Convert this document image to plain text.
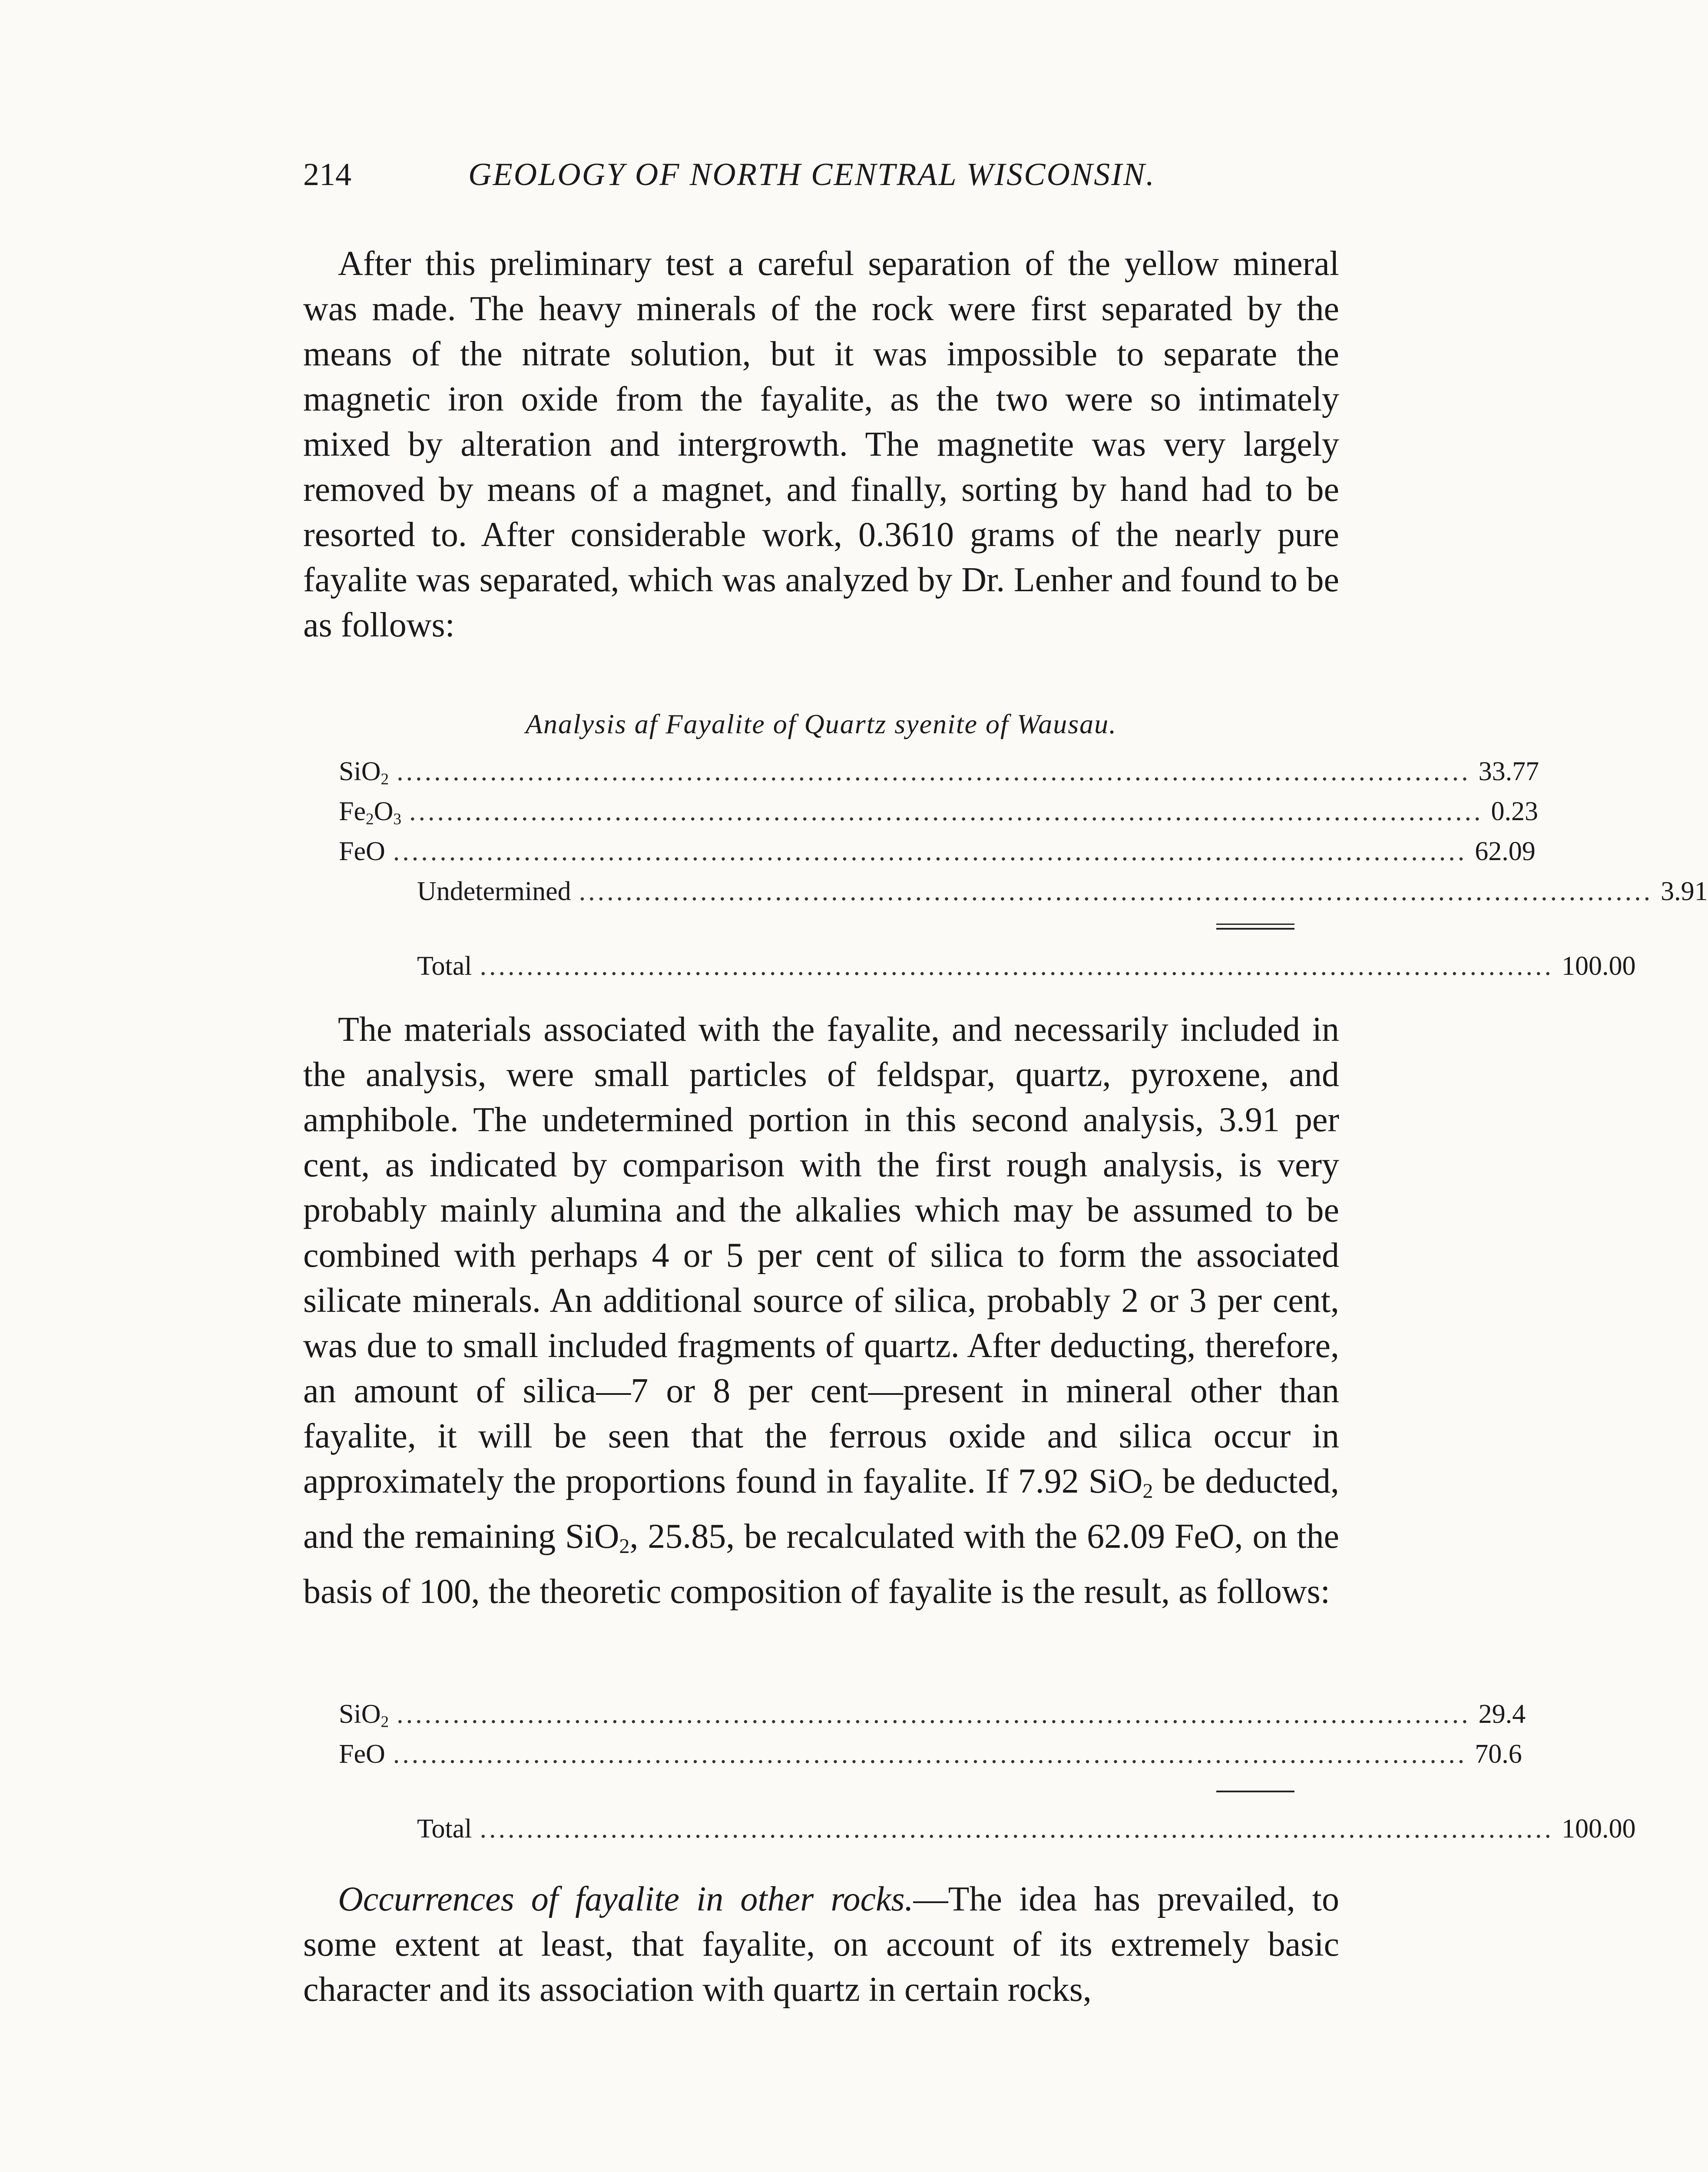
214	GEOLOGY OF NORTH CENTRAL WISCONSIN.

After this preliminary test a careful separation of the yellow mineral was made. The heavy minerals of the rock were first separated by the means of the nitrate solution, but it was impossible to separate the magnetic iron oxide from the fayalite, as the two were so intimately mixed by alteration and intergrowth. The magnetite was very largely removed by means of a magnet, and finally, sorting by hand had to be resorted to. After considerable work, 0.3610 grams of the nearly pure fayalite was separated, which was analyzed by Dr. Lenher and found to be as follows:

Analysis af Fayalite of Quartz syenite of Wausau.
SiO$_2$ ................................................................................................................... 33.77
$Fe_2O_3$ ................................................................................................................... 0.23
FeO ................................................................................................................... 62.09
Undetermined ................................................................................................................... 3.91
Total ................................................................................................................... 100.00

The materials associated with the fayalite, and necessarily included in the analysis, were small particles of feldspar, quartz, pyroxene, and amphibole. The undetermined portion in this second analysis, 3.91 per cent, as indicated by comparison with the first rough analysis, is very probably mainly alumina and the alkalies which may be assumed to be combined with perhaps 4 or 5 per cent of silica to form the associated silicate minerals. An additional source of silica, probably 2 or 3 per cent, was due to small included fragments of quartz. After deducting, therefore, an amount of silica—7 or 8 per cent—present in mineral other than fayalite, it will be seen that the ferrous oxide and silica occur in approximately the proportions found in fayalite. If 7.92 SiO$_2$ be deducted, and the remaining SiO$_2$, 25.85, be recalculated with the 62.09 FeO, on the basis of 100, the theoretic composition of fayalite is the result, as follows:

SiO$_2$ ................................................................................................................... 29.4
FeO ................................................................................................................... 70.6
Total ................................................................................................................... 100.00

Occurrences of fayalite in other rocks.—The idea has prevailed, to some extent at least, that fayalite, on account of its extremely basic character and its association with quartz in certain rocks,
